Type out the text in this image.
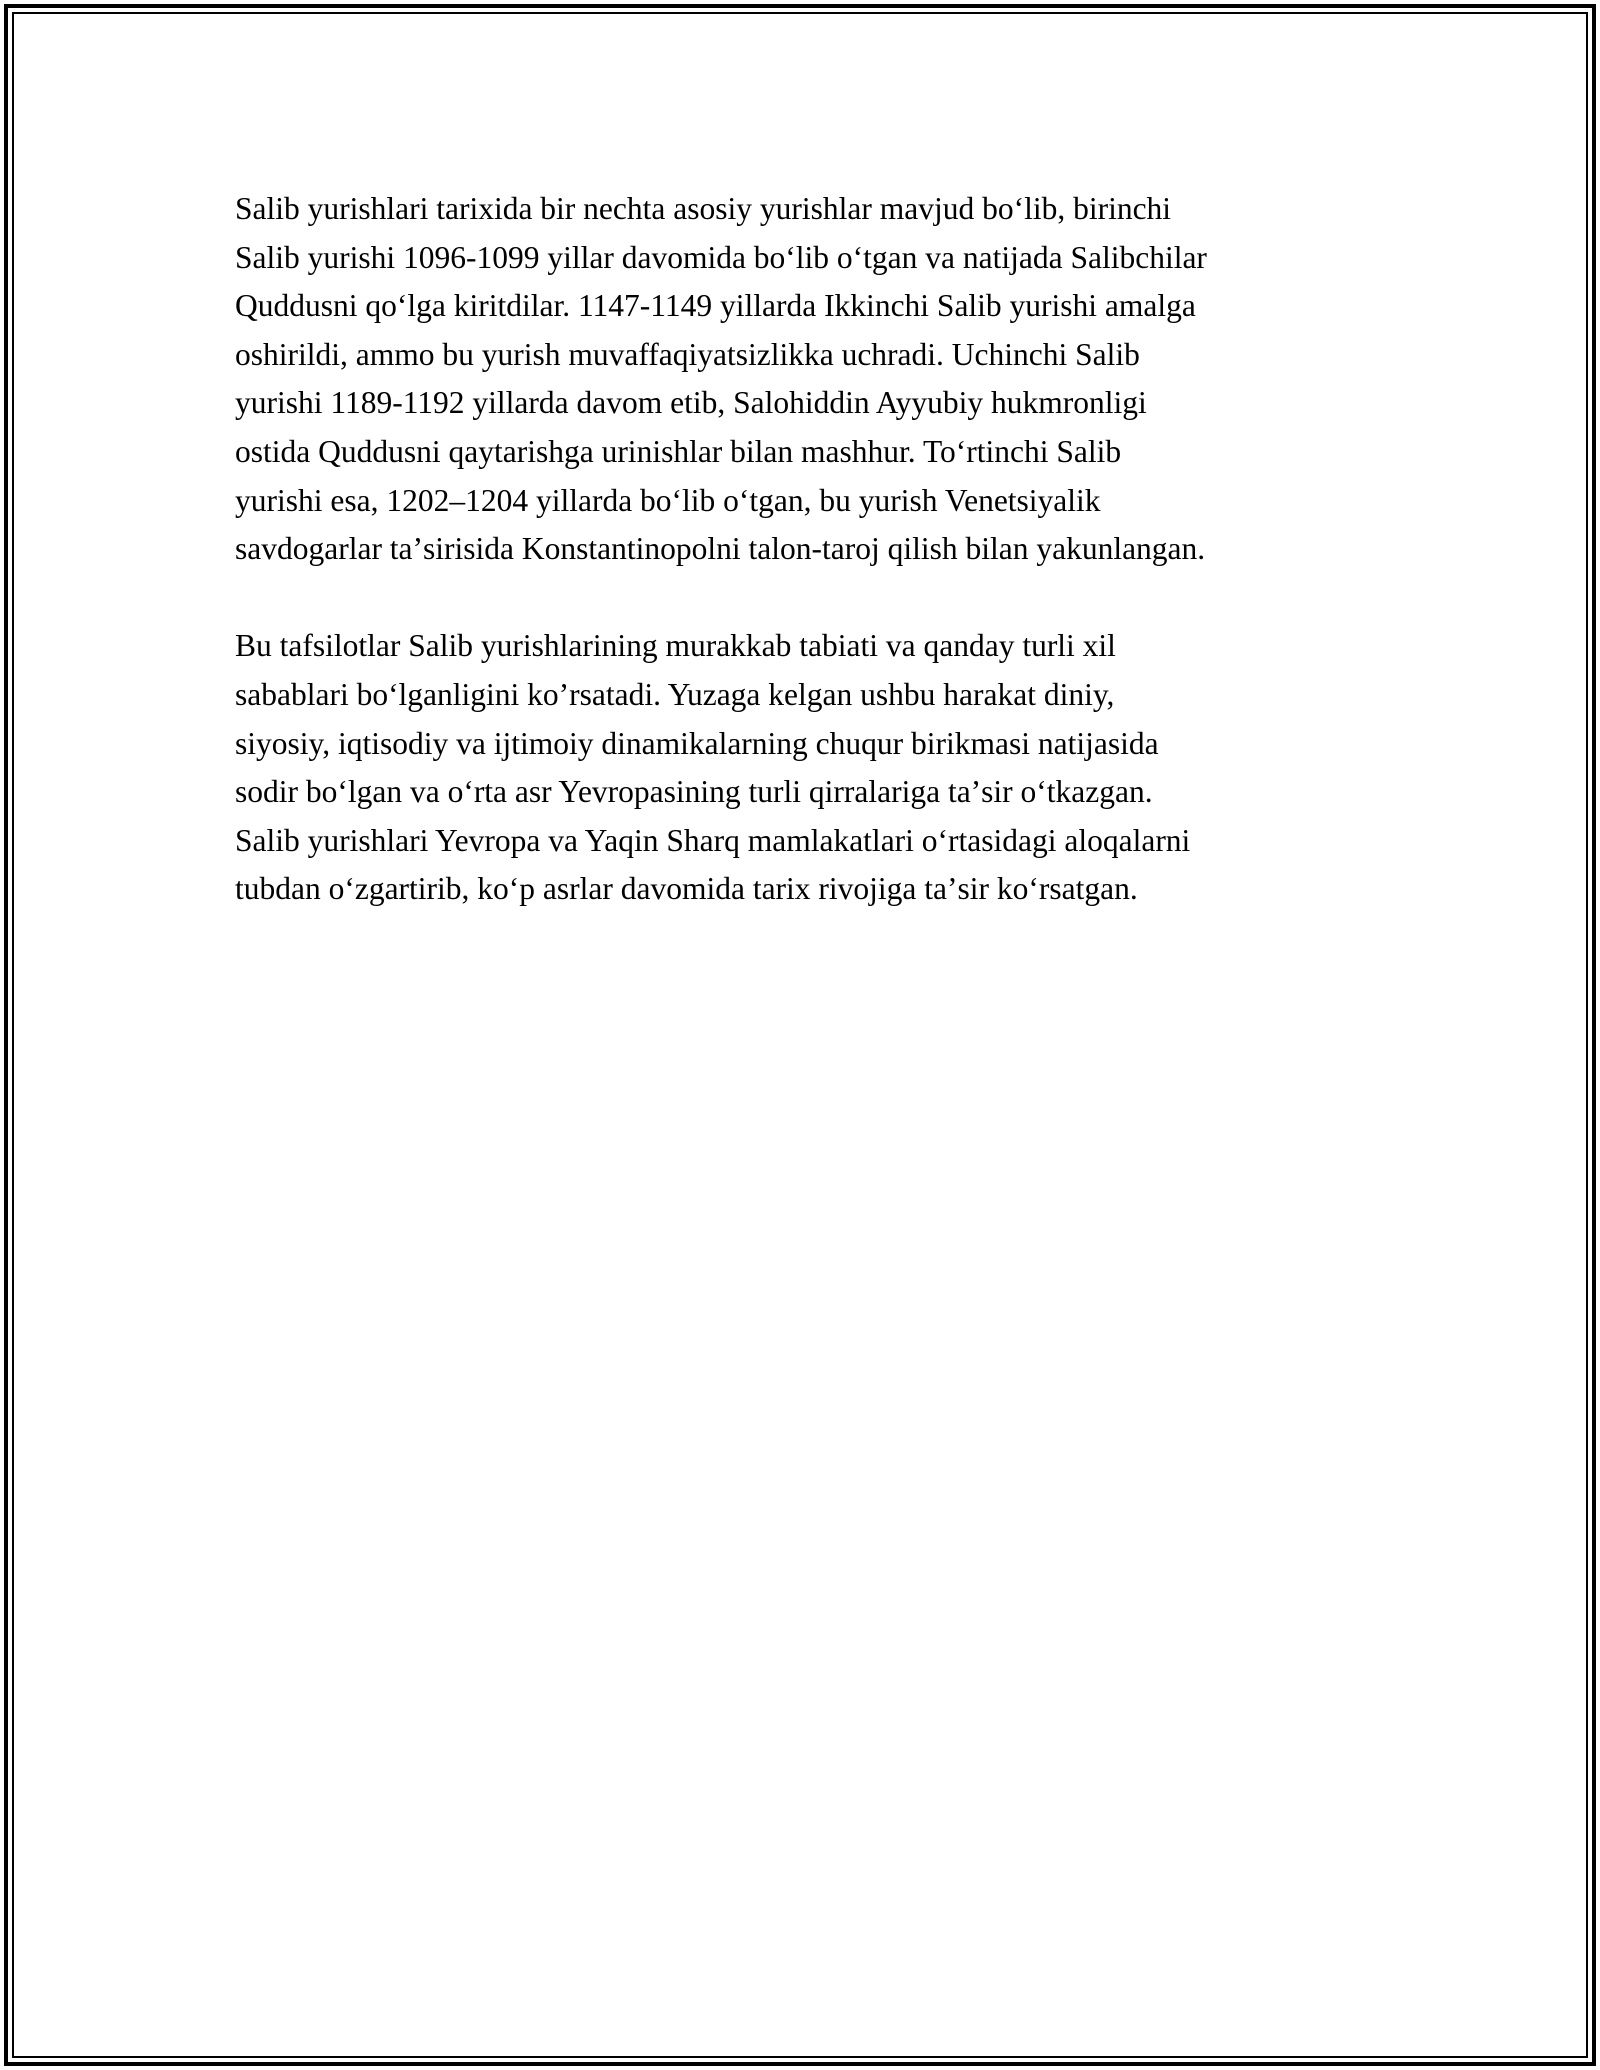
Salib yurishlari tarixida bir nechta asosiy yurishlar mavjud boʻlib, birinchi
Salib yurishi 1096-1099 yillar davomida boʻlib oʻtgan va natijada Salibchilar
Quddusni qoʻlga kiritdilar. 1147-1149 yillarda Ikkinchi Salib yurishi amalga
oshirildi, ammo bu yurish muvaffaqiyatsizlikka uchradi. Uchinchi Salib
yurishi 1189-1192 yillarda davom etib, Salohiddin Ayyubiy hukmronligi
ostida Quddusni qaytarishga urinishlar bilan mashhur. Toʻrtinchi Salib
yurishi esa, 1202–1204 yillarda boʻlib oʻtgan, bu yurish Venetsiyalik
savdogarlar taʼsirisida Konstantinopolni talon-taroj qilish bilan yakunlangan.

Bu tafsilotlar Salib yurishlarining murakkab tabiati va qanday turli xil
sabablari boʻlganligini koʼrsatadi. Yuzaga kelgan ushbu harakat diniy,
siyosiy, iqtisodiy va ijtimoiy dinamikalarning chuqur birikmasi natijasida
sodir boʻlgan va oʻrta asr Yevropasining turli qirralariga taʼsir oʻtkazgan.
Salib yurishlari Yevropa va Yaqin Sharq mamlakatlari oʻrtasidagi aloqalarni
tubdan oʻzgartirib, koʻp asrlar davomida tarix rivojiga taʼsir koʻrsatgan.
